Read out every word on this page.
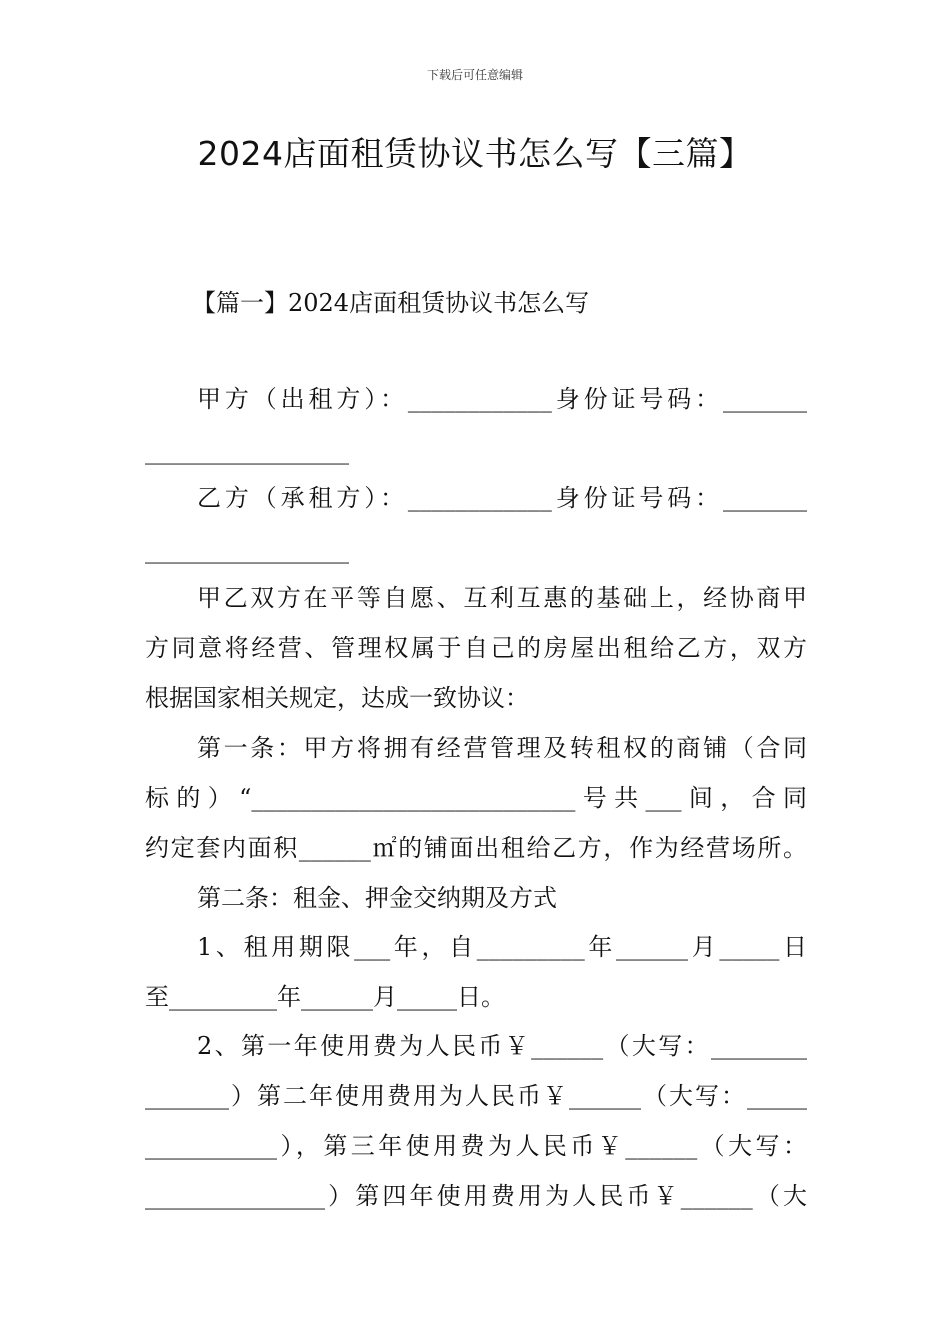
下载后可任意编辑
2024店面租赁协议书怎么写【三篇】
【篇一】2024店面租赁协议书怎么写
甲方（出租方）：____________身份证号码：_______
_________________
乙方（承租方）：____________身份证号码：_______
_________________
甲乙双方在平等自愿、互利互惠的基础上，经协商甲
方同意将经营、管理权属于自己的房屋出租给乙方，双方
根据国家相关规定，达成一致协议：
第一条：甲方将拥有经营管理及转租权的商铺（合同
标的）“___________________________号共___间，合同
约定套内面积______㎡的铺面出租给乙方，作为经营场所。
第二条：租金、押金交纳期及方式
1、租用期限___年，自_________年______月_____日
至_________年______月_____日。
2、第一年使用费为人民币￥______（大写：________
_______）第二年使用费用为人民币￥______（大写：_____
___________），第三年使用费为人民币￥______（大写：
_______________）第四年使用费用为人民币￥______（大
